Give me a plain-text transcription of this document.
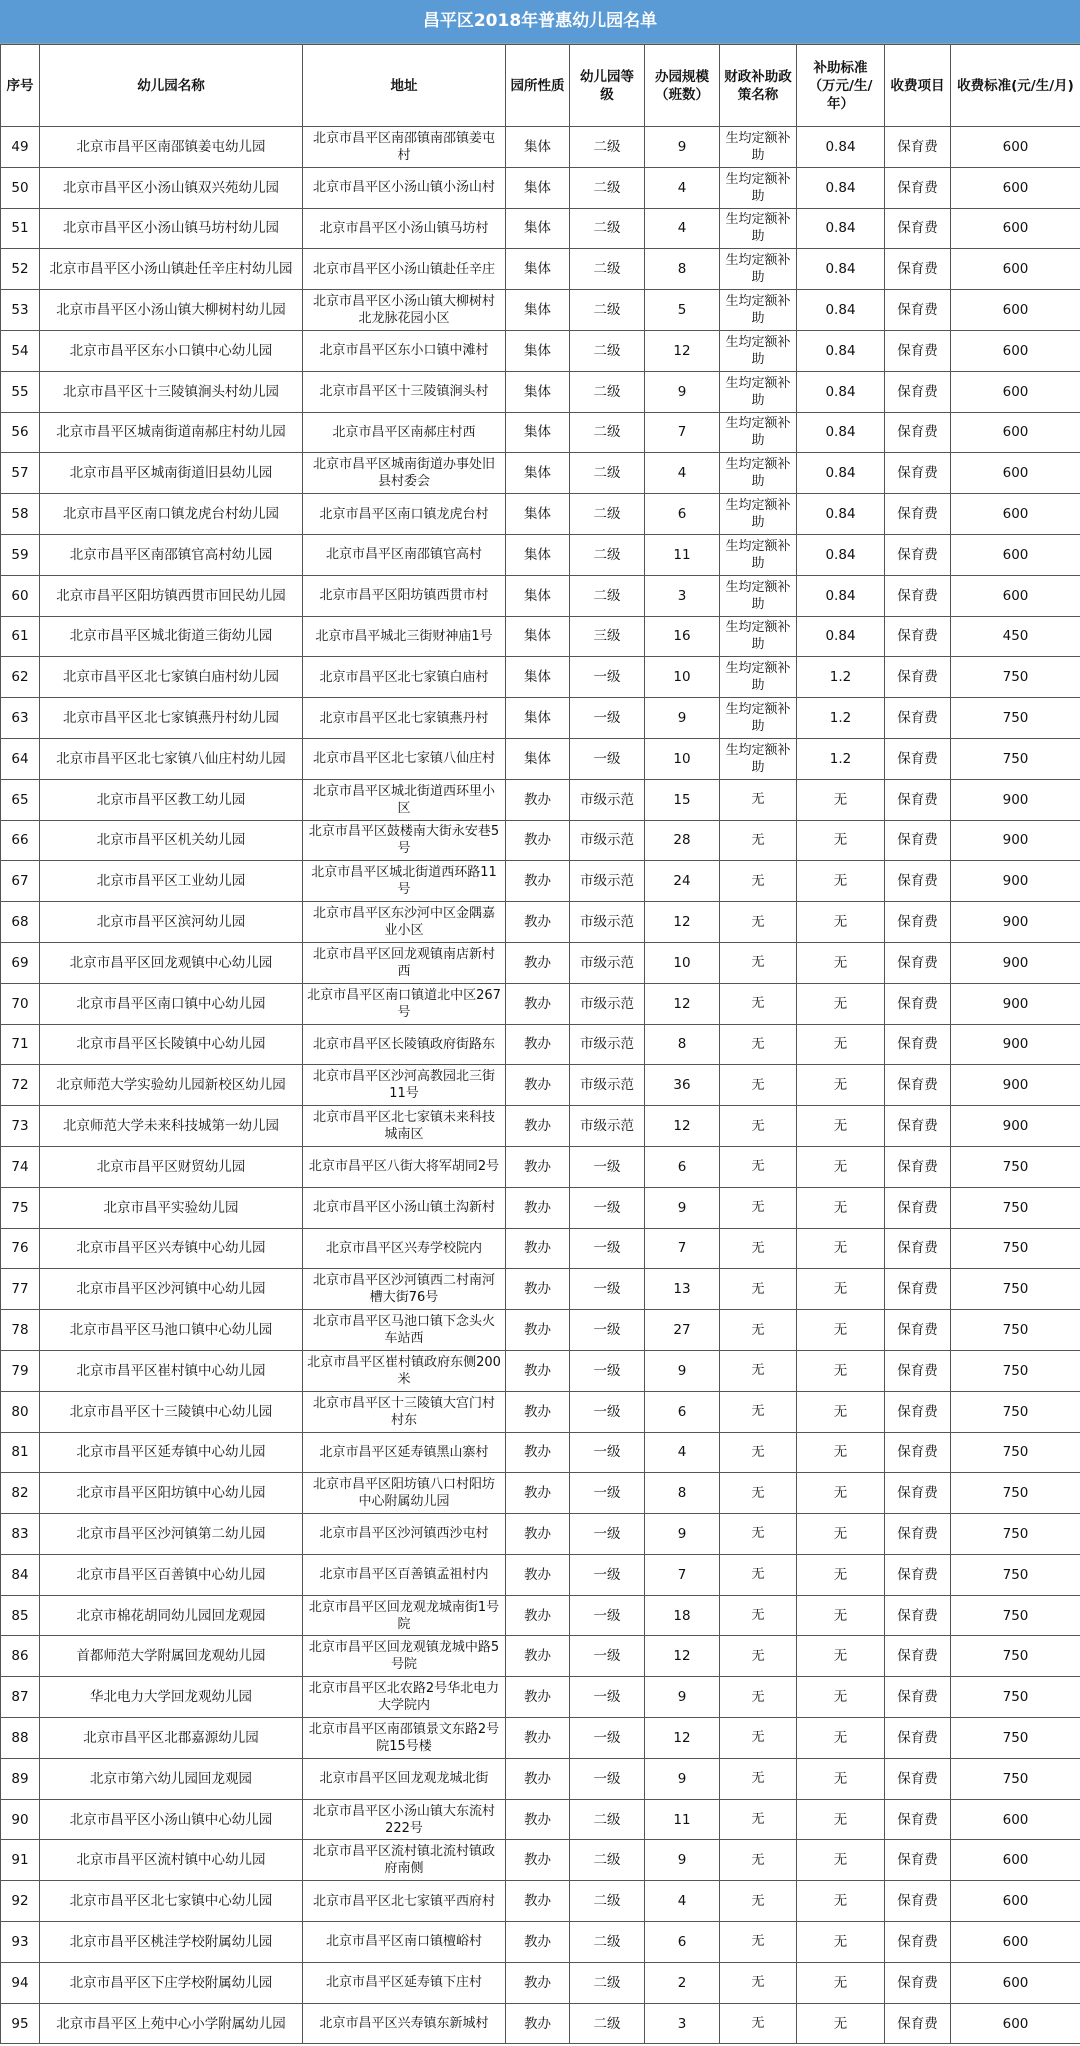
昌平区2018年普惠幼儿园名单
序号	幼儿园名称	地址	园所性质	幼儿园等级	办园规模（班数）	财政补助政策名称	补助标准（万元/生/年）	收费项目	收费标准(元/生/月)
49	北京市昌平区南邵镇姜屯幼儿园	北京市昌平区南邵镇南邵镇姜屯村	集体	二级	9	生均定额补助	0.84	保育费	600
50	北京市昌平区小汤山镇双兴苑幼儿园	北京市昌平区小汤山镇小汤山村	集体	二级	4	生均定额补助	0.84	保育费	600
51	北京市昌平区小汤山镇马坊村幼儿园	北京市昌平区小汤山镇马坊村	集体	二级	4	生均定额补助	0.84	保育费	600
52	北京市昌平区小汤山镇赴任辛庄村幼儿园	北京市昌平区小汤山镇赴任辛庄	集体	二级	8	生均定额补助	0.84	保育费	600
53	北京市昌平区小汤山镇大柳树村幼儿园	北京市昌平区小汤山镇大柳树村北龙脉花园小区	集体	二级	5	生均定额补助	0.84	保育费	600
54	北京市昌平区东小口镇中心幼儿园	北京市昌平区东小口镇中滩村	集体	二级	12	生均定额补助	0.84	保育费	600
55	北京市昌平区十三陵镇涧头村幼儿园	北京市昌平区十三陵镇涧头村	集体	二级	9	生均定额补助	0.84	保育费	600
56	北京市昌平区城南街道南郝庄村幼儿园	北京市昌平区南郝庄村西	集体	二级	7	生均定额补助	0.84	保育费	600
57	北京市昌平区城南街道旧县幼儿园	北京市昌平区城南街道办事处旧县村委会	集体	二级	4	生均定额补助	0.84	保育费	600
58	北京市昌平区南口镇龙虎台村幼儿园	北京市昌平区南口镇龙虎台村	集体	二级	6	生均定额补助	0.84	保育费	600
59	北京市昌平区南邵镇官高村幼儿园	北京市昌平区南邵镇官高村	集体	二级	11	生均定额补助	0.84	保育费	600
60	北京市昌平区阳坊镇西贯市回民幼儿园	北京市昌平区阳坊镇西贯市村	集体	二级	3	生均定额补助	0.84	保育费	600
61	北京市昌平区城北街道三街幼儿园	北京市昌平城北三街财神庙1号	集体	三级	16	生均定额补助	0.84	保育费	450
62	北京市昌平区北七家镇白庙村幼儿园	北京市昌平区北七家镇白庙村	集体	一级	10	生均定额补助	1.2	保育费	750
63	北京市昌平区北七家镇燕丹村幼儿园	北京市昌平区北七家镇燕丹村	集体	一级	9	生均定额补助	1.2	保育费	750
64	北京市昌平区北七家镇八仙庄村幼儿园	北京市昌平区北七家镇八仙庄村	集体	一级	10	生均定额补助	1.2	保育费	750
65	北京市昌平区教工幼儿园	北京市昌平区城北街道西环里小区	教办	市级示范	15	无	无	保育费	900
66	北京市昌平区机关幼儿园	北京市昌平区鼓楼南大街永安巷5号	教办	市级示范	28	无	无	保育费	900
67	北京市昌平区工业幼儿园	北京市昌平区城北街道西环路11号	教办	市级示范	24	无	无	保育费	900
68	北京市昌平区滨河幼儿园	北京市昌平区东沙河中区金隅嘉业小区	教办	市级示范	12	无	无	保育费	900
69	北京市昌平区回龙观镇中心幼儿园	北京市昌平区回龙观镇南店新村西	教办	市级示范	10	无	无	保育费	900
70	北京市昌平区南口镇中心幼儿园	北京市昌平区南口镇道北中区267号	教办	市级示范	12	无	无	保育费	900
71	北京市昌平区长陵镇中心幼儿园	北京市昌平区长陵镇政府街路东	教办	市级示范	8	无	无	保育费	900
72	北京师范大学实验幼儿园新校区幼儿园	北京市昌平区沙河高教园北三街11号	教办	市级示范	36	无	无	保育费	900
73	北京师范大学未来科技城第一幼儿园	北京市昌平区北七家镇未来科技城南区	教办	市级示范	12	无	无	保育费	900
74	北京市昌平区财贸幼儿园	北京市昌平区八街大将军胡同2号	教办	一级	6	无	无	保育费	750
75	北京市昌平实验幼儿园	北京市昌平区小汤山镇土沟新村	教办	一级	9	无	无	保育费	750
76	北京市昌平区兴寿镇中心幼儿园	北京市昌平区兴寿学校院内	教办	一级	7	无	无	保育费	750
77	北京市昌平区沙河镇中心幼儿园	北京市昌平区沙河镇西二村南河槽大街76号	教办	一级	13	无	无	保育费	750
78	北京市昌平区马池口镇中心幼儿园	北京市昌平区马池口镇下念头火车站西	教办	一级	27	无	无	保育费	750
79	北京市昌平区崔村镇中心幼儿园	北京市昌平区崔村镇政府东侧200米	教办	一级	9	无	无	保育费	750
80	北京市昌平区十三陵镇中心幼儿园	北京市昌平区十三陵镇大宫门村村东	教办	一级	6	无	无	保育费	750
81	北京市昌平区延寿镇中心幼儿园	北京市昌平区延寿镇黑山寨村	教办	一级	4	无	无	保育费	750
82	北京市昌平区阳坊镇中心幼儿园	北京市昌平区阳坊镇八口村阳坊中心附属幼儿园	教办	一级	8	无	无	保育费	750
83	北京市昌平区沙河镇第二幼儿园	北京市昌平区沙河镇西沙屯村	教办	一级	9	无	无	保育费	750
84	北京市昌平区百善镇中心幼儿园	北京市昌平区百善镇孟祖村内	教办	一级	7	无	无	保育费	750
85	北京市棉花胡同幼儿园回龙观园	北京市昌平区回龙观龙城南街1号院	教办	一级	18	无	无	保育费	750
86	首都师范大学附属回龙观幼儿园	北京市昌平区回龙观镇龙城中路5号院	教办	一级	12	无	无	保育费	750
87	华北电力大学回龙观幼儿园	北京市昌平区北农路2号华北电力大学院内	教办	一级	9	无	无	保育费	750
88	北京市昌平区北郡嘉源幼儿园	北京市昌平区南邵镇景文东路2号院15号楼	教办	一级	12	无	无	保育费	750
89	北京市第六幼儿园回龙观园	北京市昌平区回龙观龙城北街	教办	一级	9	无	无	保育费	750
90	北京市昌平区小汤山镇中心幼儿园	北京市昌平区小汤山镇大东流村222号	教办	二级	11	无	无	保育费	600
91	北京市昌平区流村镇中心幼儿园	北京市昌平区流村镇北流村镇政府南侧	教办	二级	9	无	无	保育费	600
92	北京市昌平区北七家镇中心幼儿园	北京市昌平区北七家镇平西府村	教办	二级	4	无	无	保育费	600
93	北京市昌平区桃洼学校附属幼儿园	北京市昌平区南口镇檀峪村	教办	二级	6	无	无	保育费	600
94	北京市昌平区下庄学校附属幼儿园	北京市昌平区延寿镇下庄村	教办	二级	2	无	无	保育费	600
95	北京市昌平区上苑中心小学附属幼儿园	北京市昌平区兴寿镇东新城村	教办	二级	3	无	无	保育费	600
